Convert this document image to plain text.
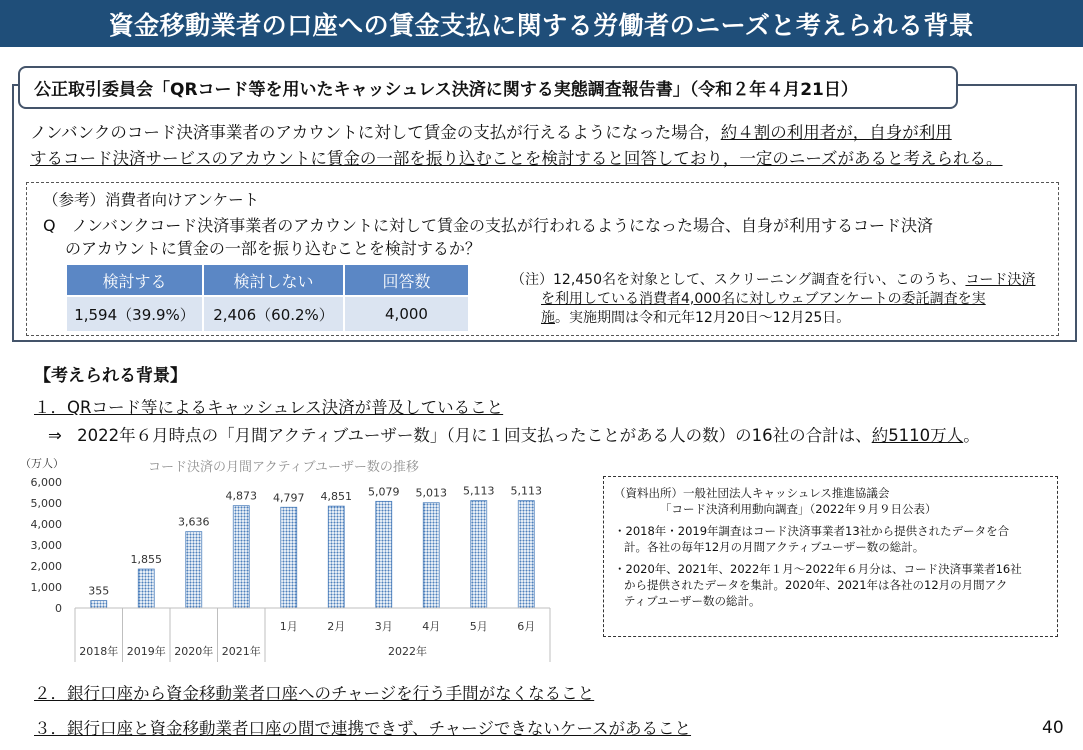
資金移動業者の口座への賃金支払に関する労働者のニーズと考えられる背景
公正取引委員会「QRコード等を用いたキャッシュレス決済に関する実態調査報告書」（令和２年４月21日）
ノンバンクのコード決済事業者のアカウントに対して賃金の支払が行えるようになった場合，約４割の利用者が，自身が利用
するコード決済サービスのアカウントに賃金の一部を振り込むことを検討すると回答しており，一定のニーズがあると考えられる。
（参考）消費者向けアンケート
Q　ノンバンクコード決済事業者のアカウントに対して賃金の支払が行われるようになった場合、自身が利用するコード決済
のアカウントに賃金の一部を振り込むことを検討するか？
検討する	検討しない	回答数
1,594（39.9%）	2,406（60.2%）	4,000
（注）12,450名を対象として、スクリーニング調査を行い、このうち、コード決済
を利用している消費者4,000名に対しウェブアンケートの委託調査を実
施。実施期間は令和元年12月20日～12月25日。
【考えられる背景】
１．QRコード等によるキャッシュレス決済が普及していること
⇒ 2022年６月時点の「月間アクティブユーザー数」（月に１回支払ったことがある人の数）の16社の合計は、約5110万人。
コード決済の月間アクティブユーザー数の推移
（万人）
0
1,000
2,000
3,000
4,000
5,000
6,000
355
1,855
3,636
4,873 4,797 4,851 5,079 5,013 5,113 5,113
2018年 2019年 2020年 2021年
1月	2月	3月	4月	5月	6月
2022年
（資料出所）一般社団法人キャッシュレス推進協議会
「コード決済利用動向調査」（2022年９月９日公表）
・2018年・2019年調査はコード決済事業者13社から提供されたデータを合
計。各社の毎年12月の月間アクティブユーザー数の総計。
・2020年、2021年、2022年１月～2022年６月分は、コード決済事業者16社
から提供されたデータを集計。2020年、2021年は各社の12月の月間アク
ティブユーザー数の総計。
２．銀行口座から資金移動業者口座へのチャージを行う手間がなくなること
３．銀行口座と資金移動業者口座の間で連携できず、チャージできないケースがあること	40
